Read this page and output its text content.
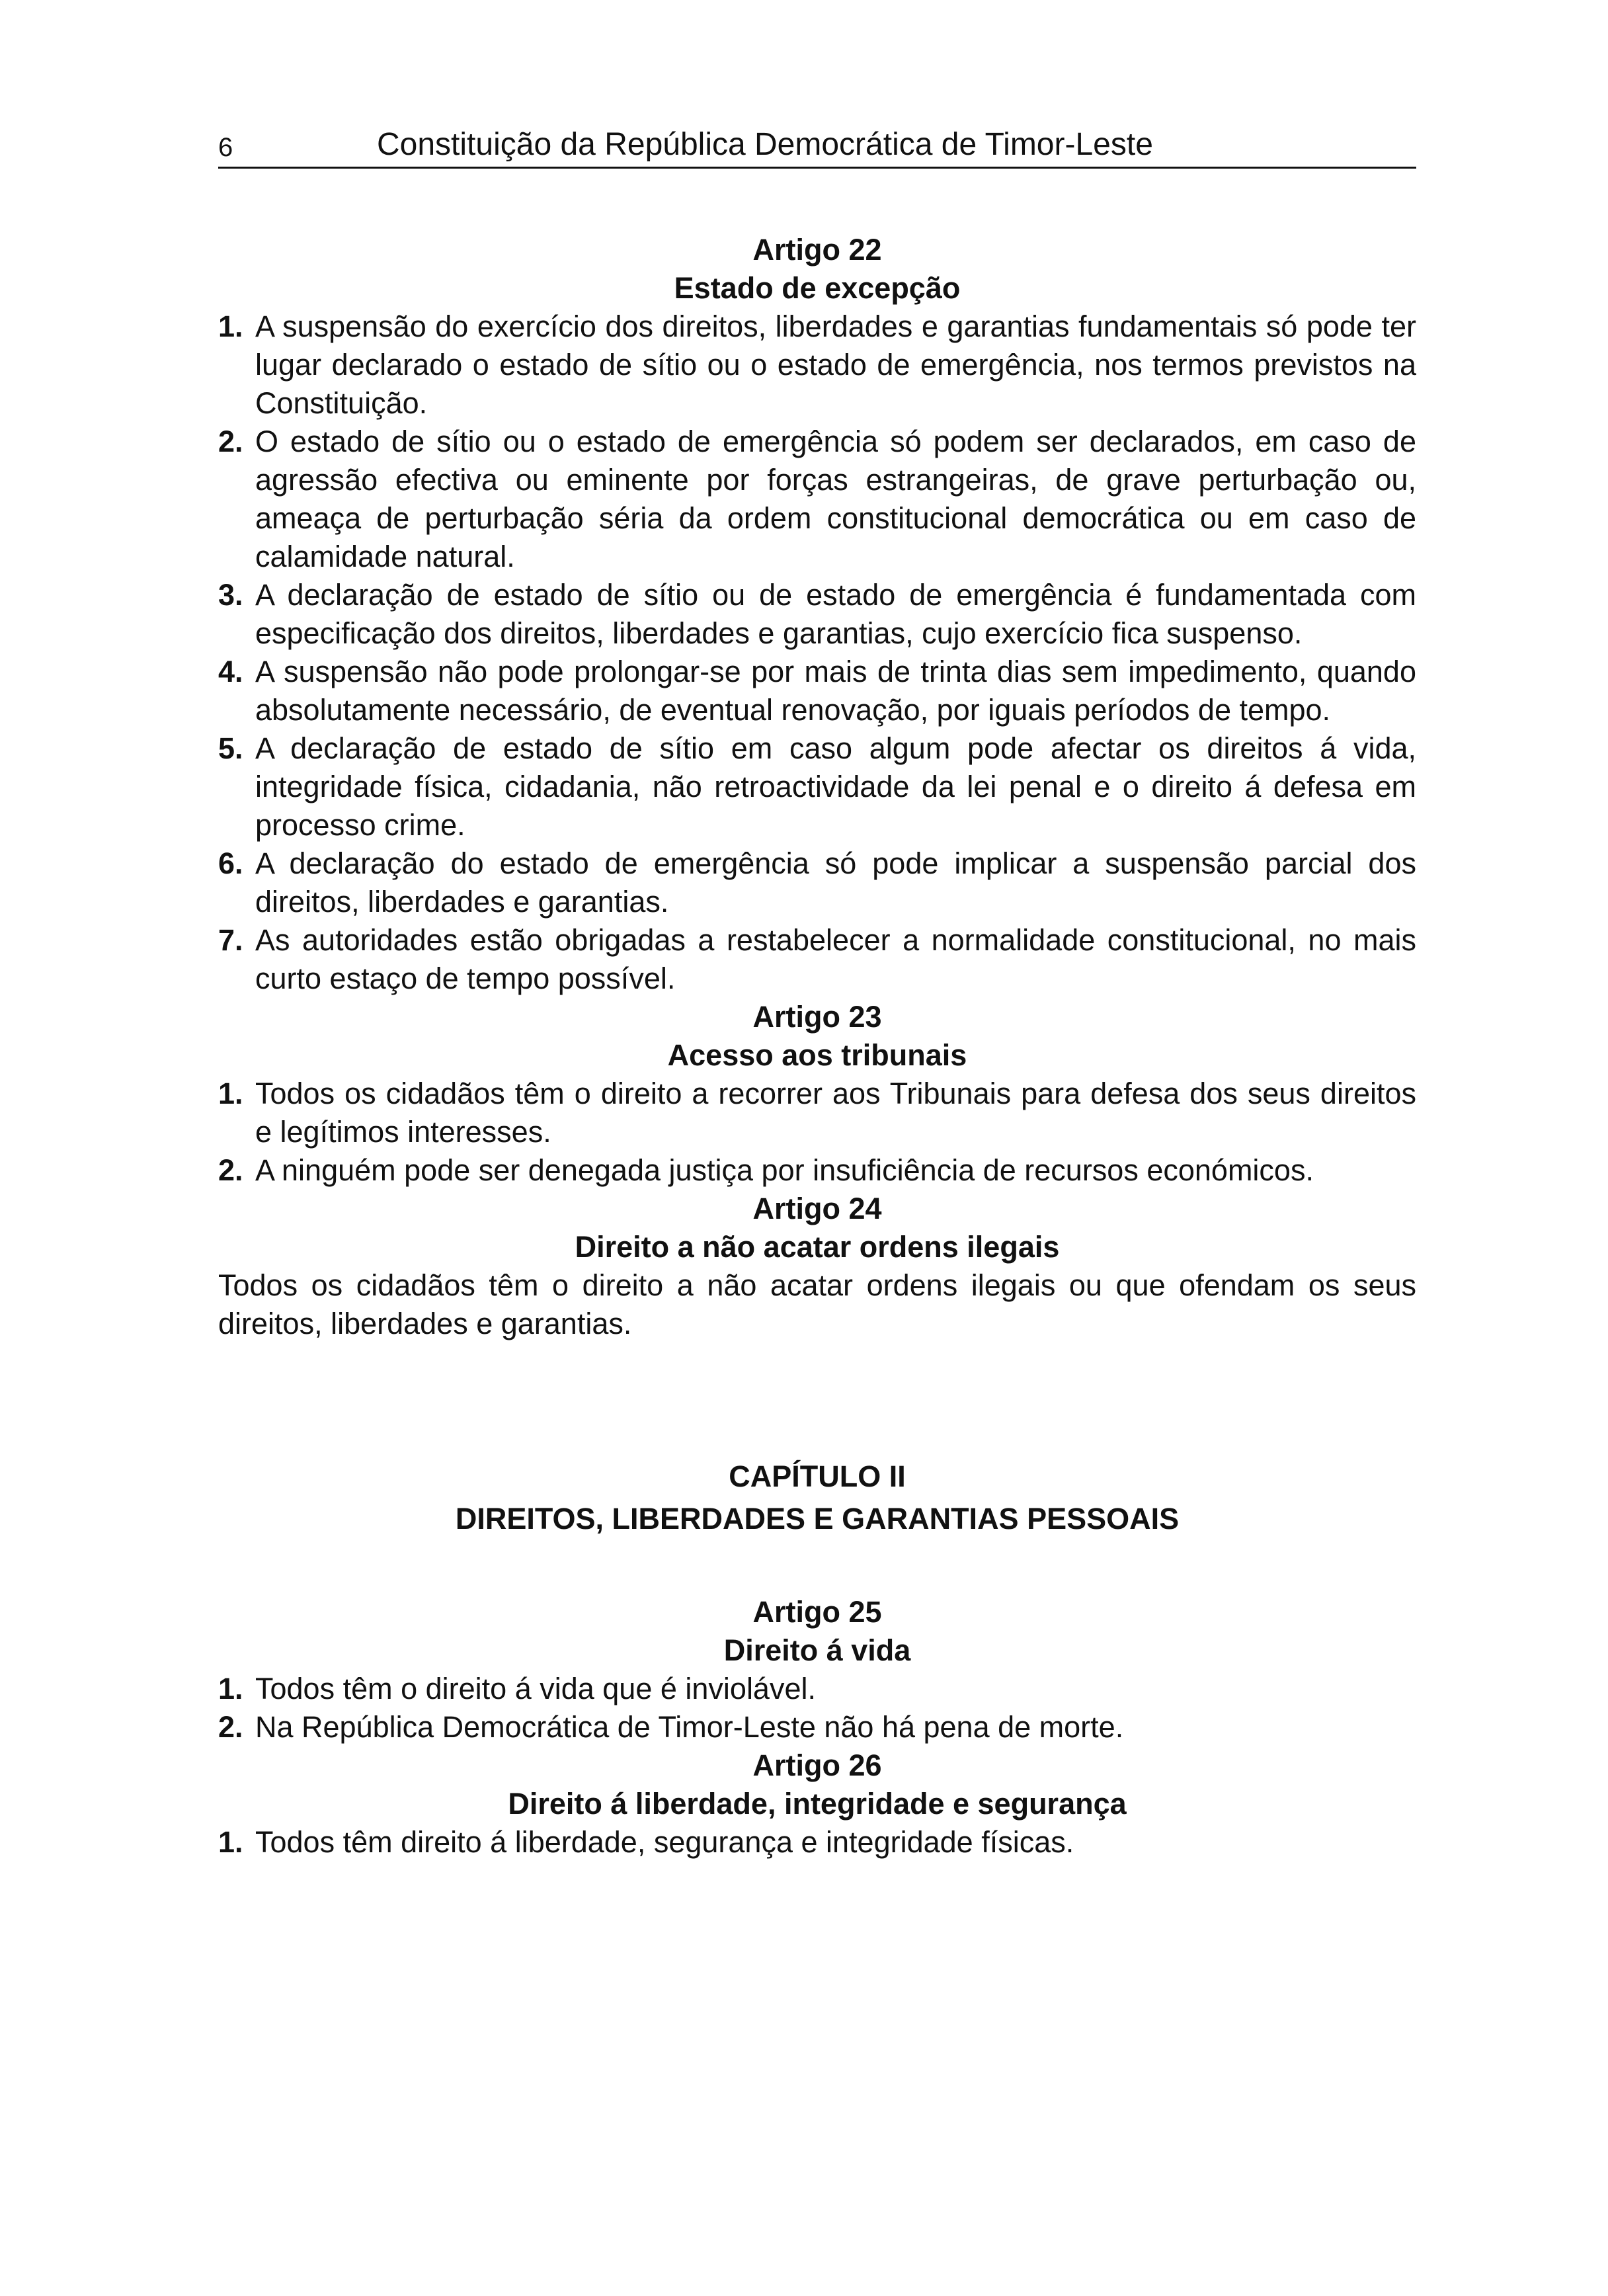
6	Constituição da República Democrática de Timor-Leste
Artigo 22
Estado de excepção
1. A suspensão do exercício dos direitos, liberdades e garantias fundamentais só pode ter lugar declarado o estado de sítio ou o estado de emergência, nos termos previstos na Constituição.
2. O estado de sítio ou o estado de emergência só podem ser declarados, em caso de agressão efectiva ou eminente por forças estrangeiras, de grave perturbação ou, ameaça de perturbação séria da ordem constitucional democrática ou em caso de calamidade natural.
3. A declaração de estado de sítio ou de estado de emergência é fundamentada com especificação dos direitos, liberdades e garantias, cujo exercício fica suspenso.
4. A suspensão não pode prolongar-se por mais de trinta dias sem impedimento, quando absolutamente necessário, de eventual renovação, por iguais períodos de tempo.
5. A declaração de estado de sítio em caso algum pode afectar os direitos á vida, integridade física, cidadania, não retroactividade da lei penal e o direito á defesa em processo crime.
6. A declaração do estado de emergência só pode implicar a suspensão parcial dos direitos, liberdades e garantias.
7. As autoridades estão obrigadas a restabelecer a normalidade constitucional, no mais curto estaço de tempo possível.
Artigo 23
Acesso aos tribunais
1. Todos os cidadãos têm o direito a recorrer aos Tribunais para defesa dos seus direitos e legítimos interesses.
2. A ninguém pode ser denegada justiça por insuficiência de recursos económicos.
Artigo 24
Direito a não acatar ordens ilegais

Todos os cidadãos têm o direito a não acatar ordens ilegais ou que ofendam os seus direitos, liberdades e garantias.

CAPÍTULO II
DIREITOS, LIBERDADES E GARANTIAS PESSOAIS
Artigo 25
Direito á vida
1. Todos têm o direito á vida que é inviolável.
2. Na República Democrática de Timor-Leste não há pena de morte.
Artigo 26
Direito á liberdade, integridade e segurança
1. Todos têm direito á liberdade, segurança e integridade físicas.
